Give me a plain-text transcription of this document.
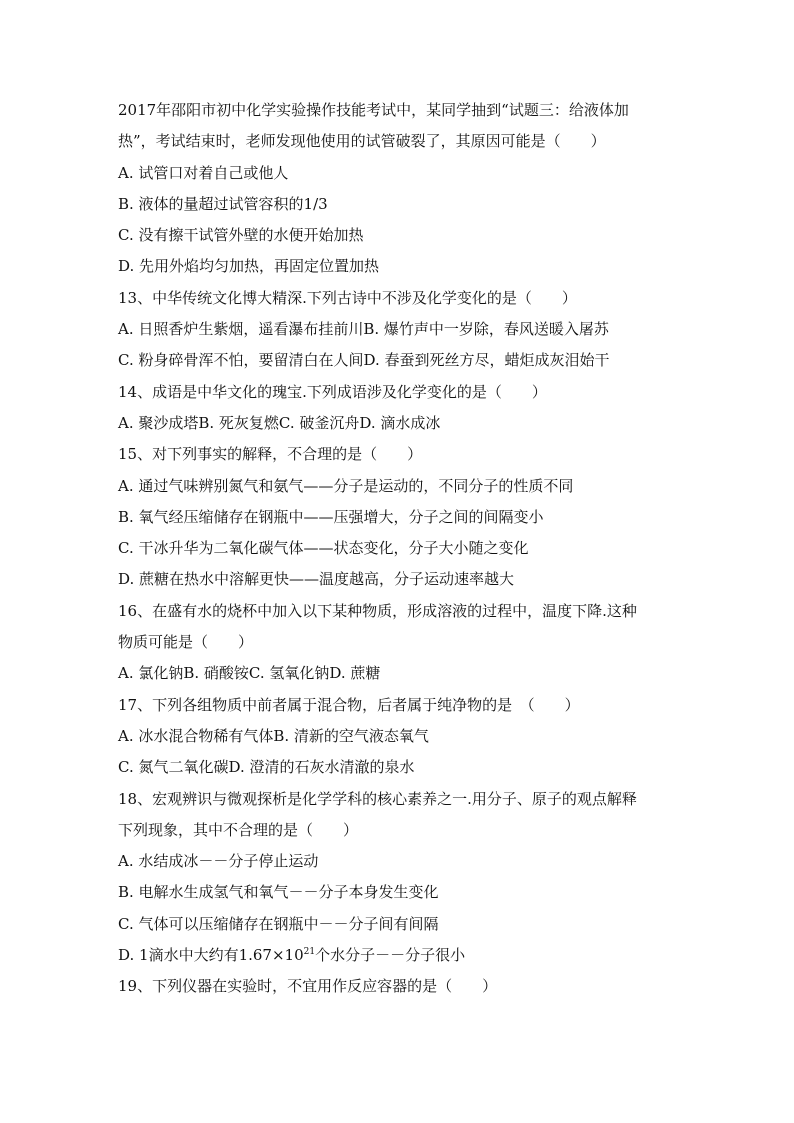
2017年邵阳市初中化学实验操作技能考试中，某同学抽到“试题三：给液体加
热”，考试结束时，老师发现他使用的试管破裂了，其原因可能是（　　）
A. 试管口对着自己或他人
B. 液体的量超过试管容积的1/3
C. 没有擦干试管外壁的水便开始加热
D. 先用外焰均匀加热，再固定位置加热
13、中华传统文化博大精深.下列古诗中不涉及化学变化的是（　　）
A. 日照香炉生紫烟，遥看瀑布挂前川B. 爆竹声中一岁除，春风送暖入屠苏
C. 粉身碎骨浑不怕，要留清白在人间D. 春蚕到死丝方尽，蜡炬成灰泪始干
14、成语是中华文化的瑰宝.下列成语涉及化学变化的是（　　）
A. 聚沙成塔B. 死灰复燃C. 破釜沉舟D. 滴水成冰
15、对下列事实的解释，不合理的是（　　）
A. 通过气味辨别氮气和氨气——分子是运动的，不同分子的性质不同
B. 氧气经压缩储存在钢瓶中——压强增大，分子之间的间隔变小
C. 干冰升华为二氧化碳气体——状态变化，分子大小随之变化
D. 蔗糖在热水中溶解更快——温度越高，分子运动速率越大
16、在盛有水的烧杯中加入以下某种物质，形成溶液的过程中，温度下降.这种
物质可能是（　　）
A. 氯化钠B. 硝酸铵C. 氢氧化钠D. 蔗糖
17、下列各组物质中前者属于混合物，后者属于纯净物的是　（　　）
A. 冰水混合物稀有气体B. 清新的空气液态氧气
C. 氮气二氧化碳D. 澄清的石灰水清澈的泉水
18、宏观辨识与微观探析是化学学科的核心素养之一.用分子、原子的观点解释
下列现象，其中不合理的是（　　）
A. 水结成冰－－分子停止运动
B. 电解水生成氢气和氧气－－分子本身发生变化
C. 气体可以压缩储存在钢瓶中－－分子间有间隔
D. 1滴水中大约有$1.67\times 10^{21}$个水分子－－分子很小
19、下列仪器在实验时，不宜用作反应容器的是（　　）
